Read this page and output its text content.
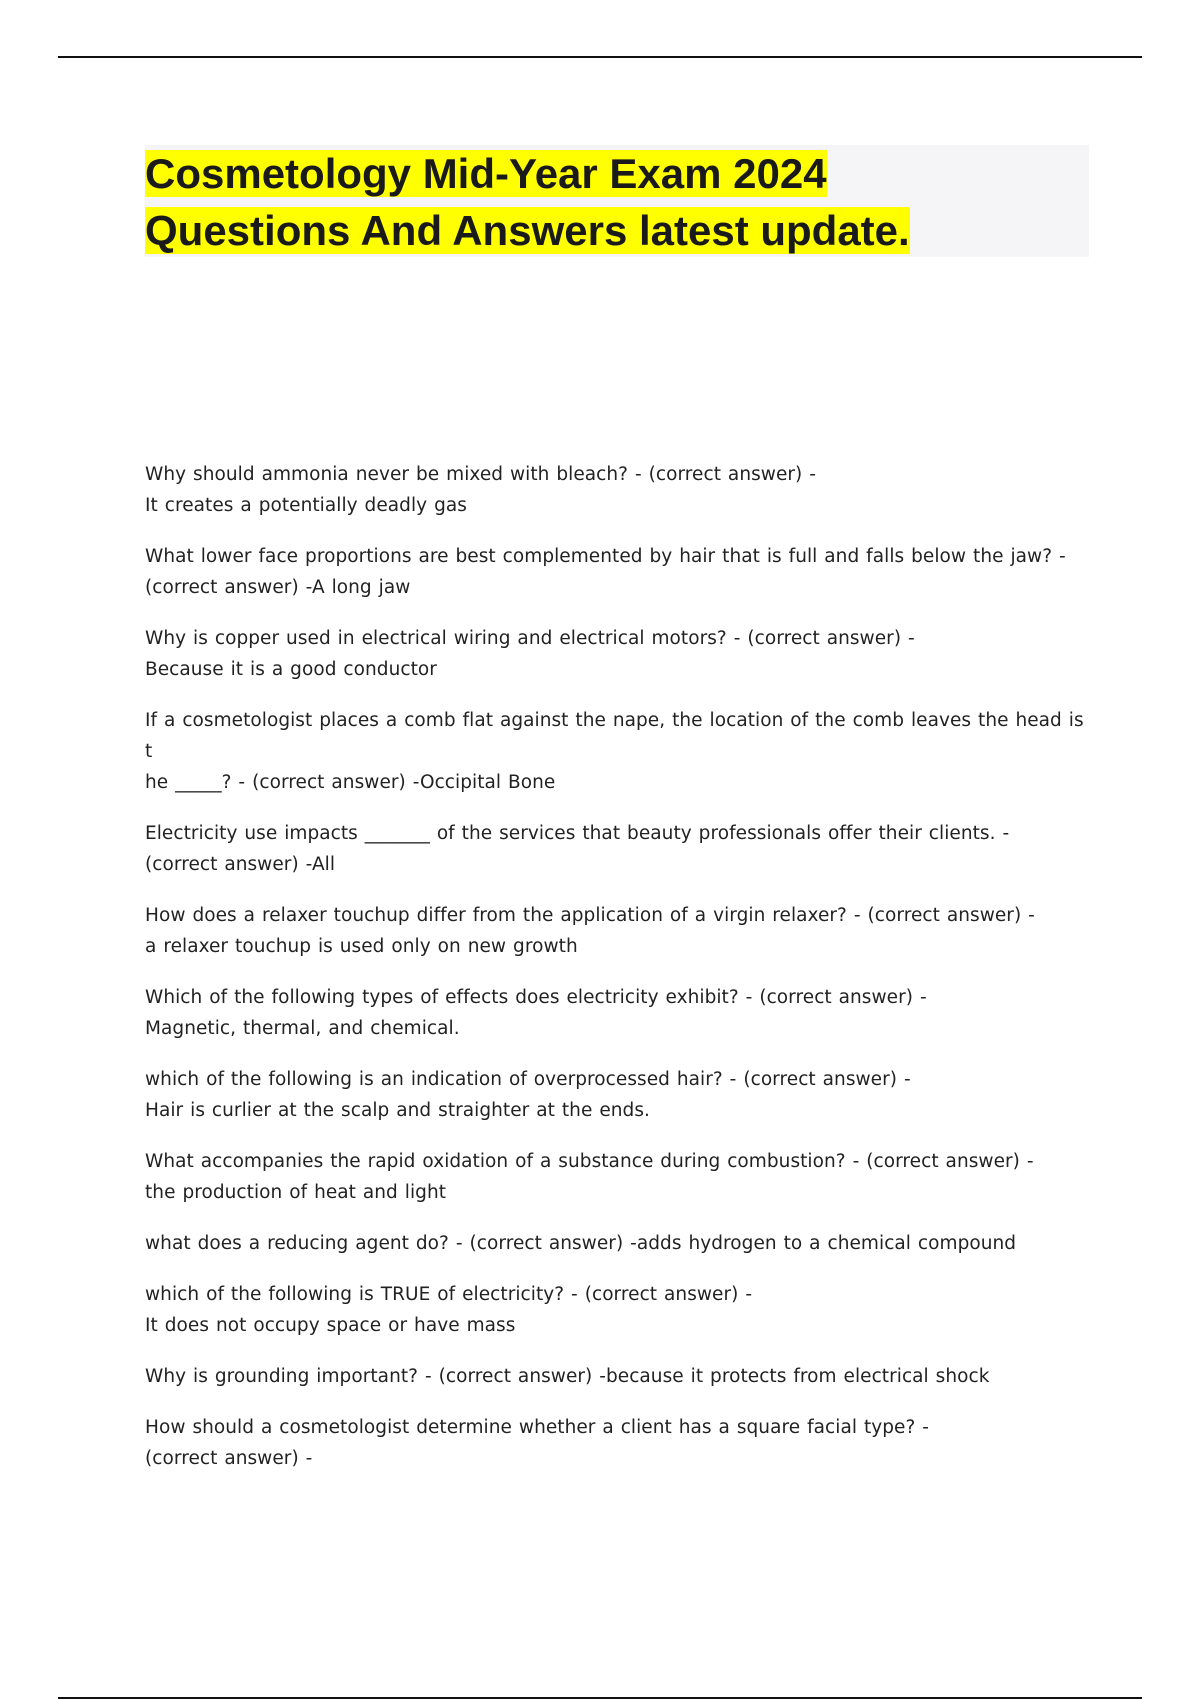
Cosmetology Mid-Year Exam 2024
Questions And Answers latest update.
Why should ammonia never be mixed with bleach? - (correct answer) -
It creates a potentially deadly gas
What lower face proportions are best complemented by hair that is full and falls below the jaw? -
(correct answer) -A long jaw
Why is copper used in electrical wiring and electrical motors? - (correct answer) -
Because it is a good conductor
If a cosmetologist places a comb flat against the nape, the location of the comb leaves the head is t
he _____? - (correct answer) -Occipital Bone
Electricity use impacts _______ of the services that beauty professionals offer their clients. -
(correct answer) -All
How does a relaxer touchup differ from the application of a virgin relaxer? - (correct answer) -
a relaxer touchup is used only on new growth
Which of the following types of effects does electricity exhibit? - (correct answer) -
Magnetic, thermal, and chemical.
which of the following is an indication of overprocessed hair? - (correct answer) -
Hair is curlier at the scalp and straighter at the ends.
What accompanies the rapid oxidation of a substance during combustion? - (correct answer) -
the production of heat and light
what does a reducing agent do? - (correct answer) -adds hydrogen to a chemical compound
which of the following is TRUE of electricity? - (correct answer) -
It does not occupy space or have mass
Why is grounding important? - (correct answer) -because it protects from electrical shock
How should a cosmetologist determine whether a client has a square facial type? -
(correct answer) -
